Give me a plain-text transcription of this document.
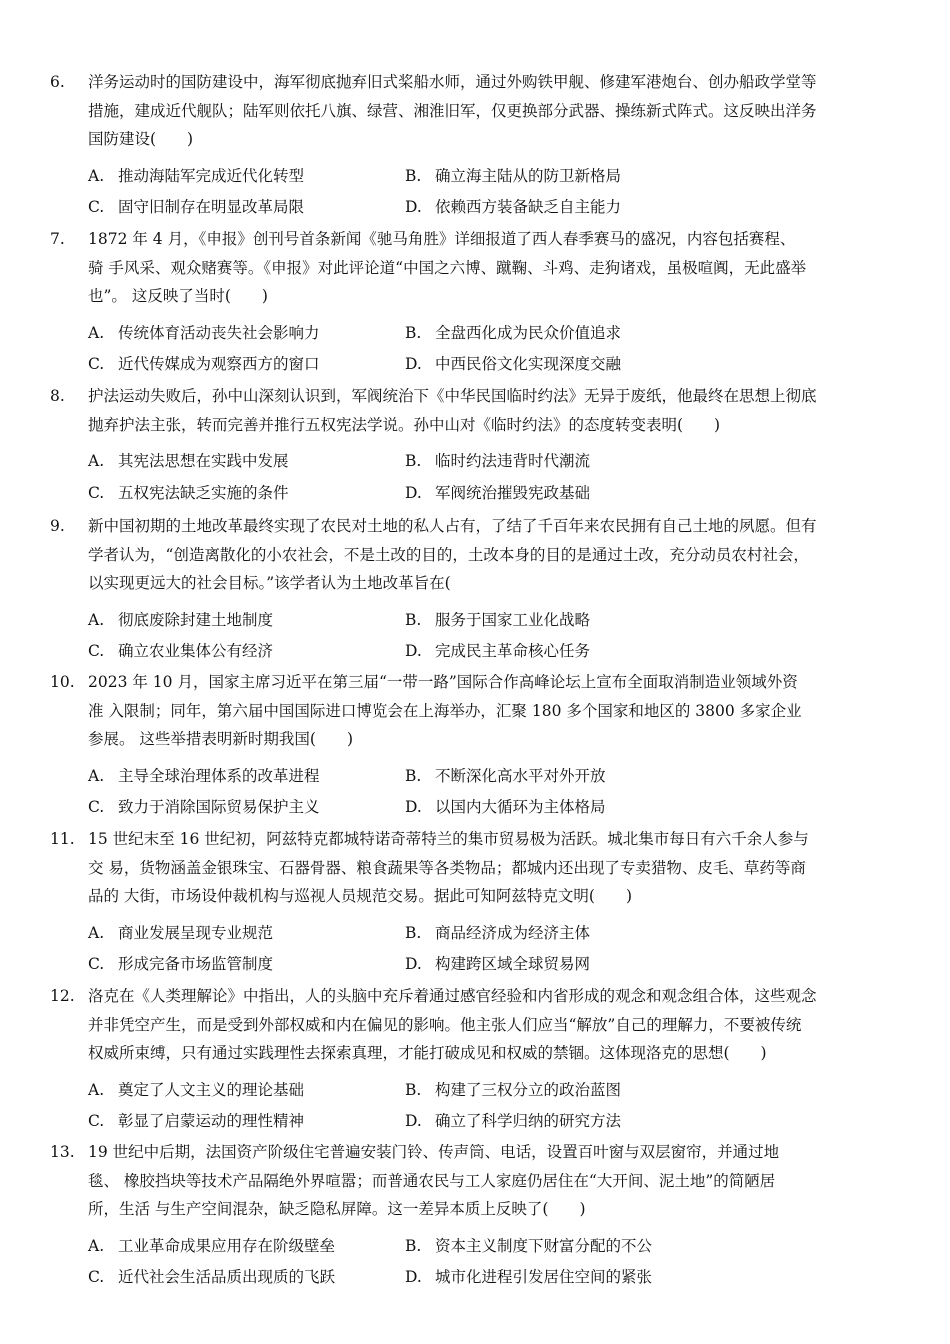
6. 洋务运动时的国防建设中，海军彻底抛弃旧式桨船水师，通过外购铁甲舰、修建军港炮台、创办船政学堂等
措施，建成近代舰队；陆军则依托八旗、绿营、湘淮旧军，仅更换部分武器、操练新式阵式。这反映出洋务
国防建设(　　)
A. 推动海陆军完成近代化转型	B. 确立海主陆从的防卫新格局
C. 固守旧制存在明显改革局限	D. 依赖西方装备缺乏自主能力
7. 1872 年 4 月，《申报》创刊号首条新闻《驰马角胜》详细报道了西人春季赛马的盛况，内容包括赛程、
骑 手风采、观众赌赛等。《申报》对此评论道“中国之六博、蹴鞠、斗鸡、走狗诸戏，虽极喧阗，无此盛举
也”。 这反映了当时(　　)
A. 传统体育活动丧失社会影响力	B. 全盘西化成为民众价值追求
C. 近代传媒成为观察西方的窗口	D. 中西民俗文化实现深度交融
8. 护法运动失败后，孙中山深刻认识到，军阀统治下《中华民国临时约法》无异于废纸，他最终在思想上彻底
抛弃护法主张，转而完善并推行五权宪法学说。孙中山对《临时约法》的态度转变表明(　　)
A. 其宪法思想在实践中发展	B. 临时约法违背时代潮流
C. 五权宪法缺乏实施的条件	D. 军阀统治摧毁宪政基础
9. 新中国初期的土地改革最终实现了农民对土地的私人占有，了结了千百年来农民拥有自己土地的夙愿。但有
学者认为，“创造离散化的小农社会，不是土改的目的，土改本身的目的是通过土改，充分动员农村社会，
以实现更远大的社会目标。”该学者认为土地改革旨在(
A. 彻底废除封建土地制度	B. 服务于国家工业化战略
C. 确立农业集体公有经济	D. 完成民主革命核心任务
10. 2023 年 10 月，国家主席习近平在第三届“一带一路”国际合作高峰论坛上宣布全面取消制造业领域外资
准 入限制；同年，第六届中国国际进口博览会在上海举办，汇聚 180 多个国家和地区的 3800 多家企业
参展。 这些举措表明新时期我国(　　)
A. 主导全球治理体系的改革进程	B. 不断深化高水平对外开放
C. 致力于消除国际贸易保护主义	D. 以国内大循环为主体格局
11. 15 世纪末至 16 世纪初，阿兹特克都城特诺奇蒂特兰的集市贸易极为活跃。城北集市每日有六千余人参与
交 易，货物涵盖金银珠宝、石器骨器、粮食蔬果等各类物品；都城内还出现了专卖猎物、皮毛、草药等商
品的 大街，市场设仲裁机构与巡视人员规范交易。据此可知阿兹特克文明(　　)
A. 商业发展呈现专业规范	B. 商品经济成为经济主体
C. 形成完备市场监管制度	D. 构建跨区域全球贸易网
12. 洛克在《人类理解论》中指出，人的头脑中充斥着通过感官经验和内省形成的观念和观念组合体，这些观念
并非凭空产生，而是受到外部权威和内在偏见的影响。他主张人们应当“解放”自己的理解力，不要被传统
权威所束缚，只有通过实践理性去探索真理，才能打破成见和权威的禁锢。这体现洛克的思想(　　)
A. 奠定了人文主义的理论基础	B. 构建了三权分立的政治蓝图
C. 彰显了启蒙运动的理性精神	D. 确立了科学归纳的研究方法
13. 19 世纪中后期，法国资产阶级住宅普遍安装门铃、传声筒、电话，设置百叶窗与双层窗帘，并通过地
毯、 橡胶挡块等技术产品隔绝外界喧嚣；而普通农民与工人家庭仍居住在“大开间、泥土地”的简陋居
所，生活 与生产空间混杂，缺乏隐私屏障。这一差异本质上反映了(　　)
A. 工业革命成果应用存在阶级壁垒	B. 资本主义制度下财富分配的不公
C. 近代社会生活品质出现质的飞跃	D. 城市化进程引发居住空间的紧张
